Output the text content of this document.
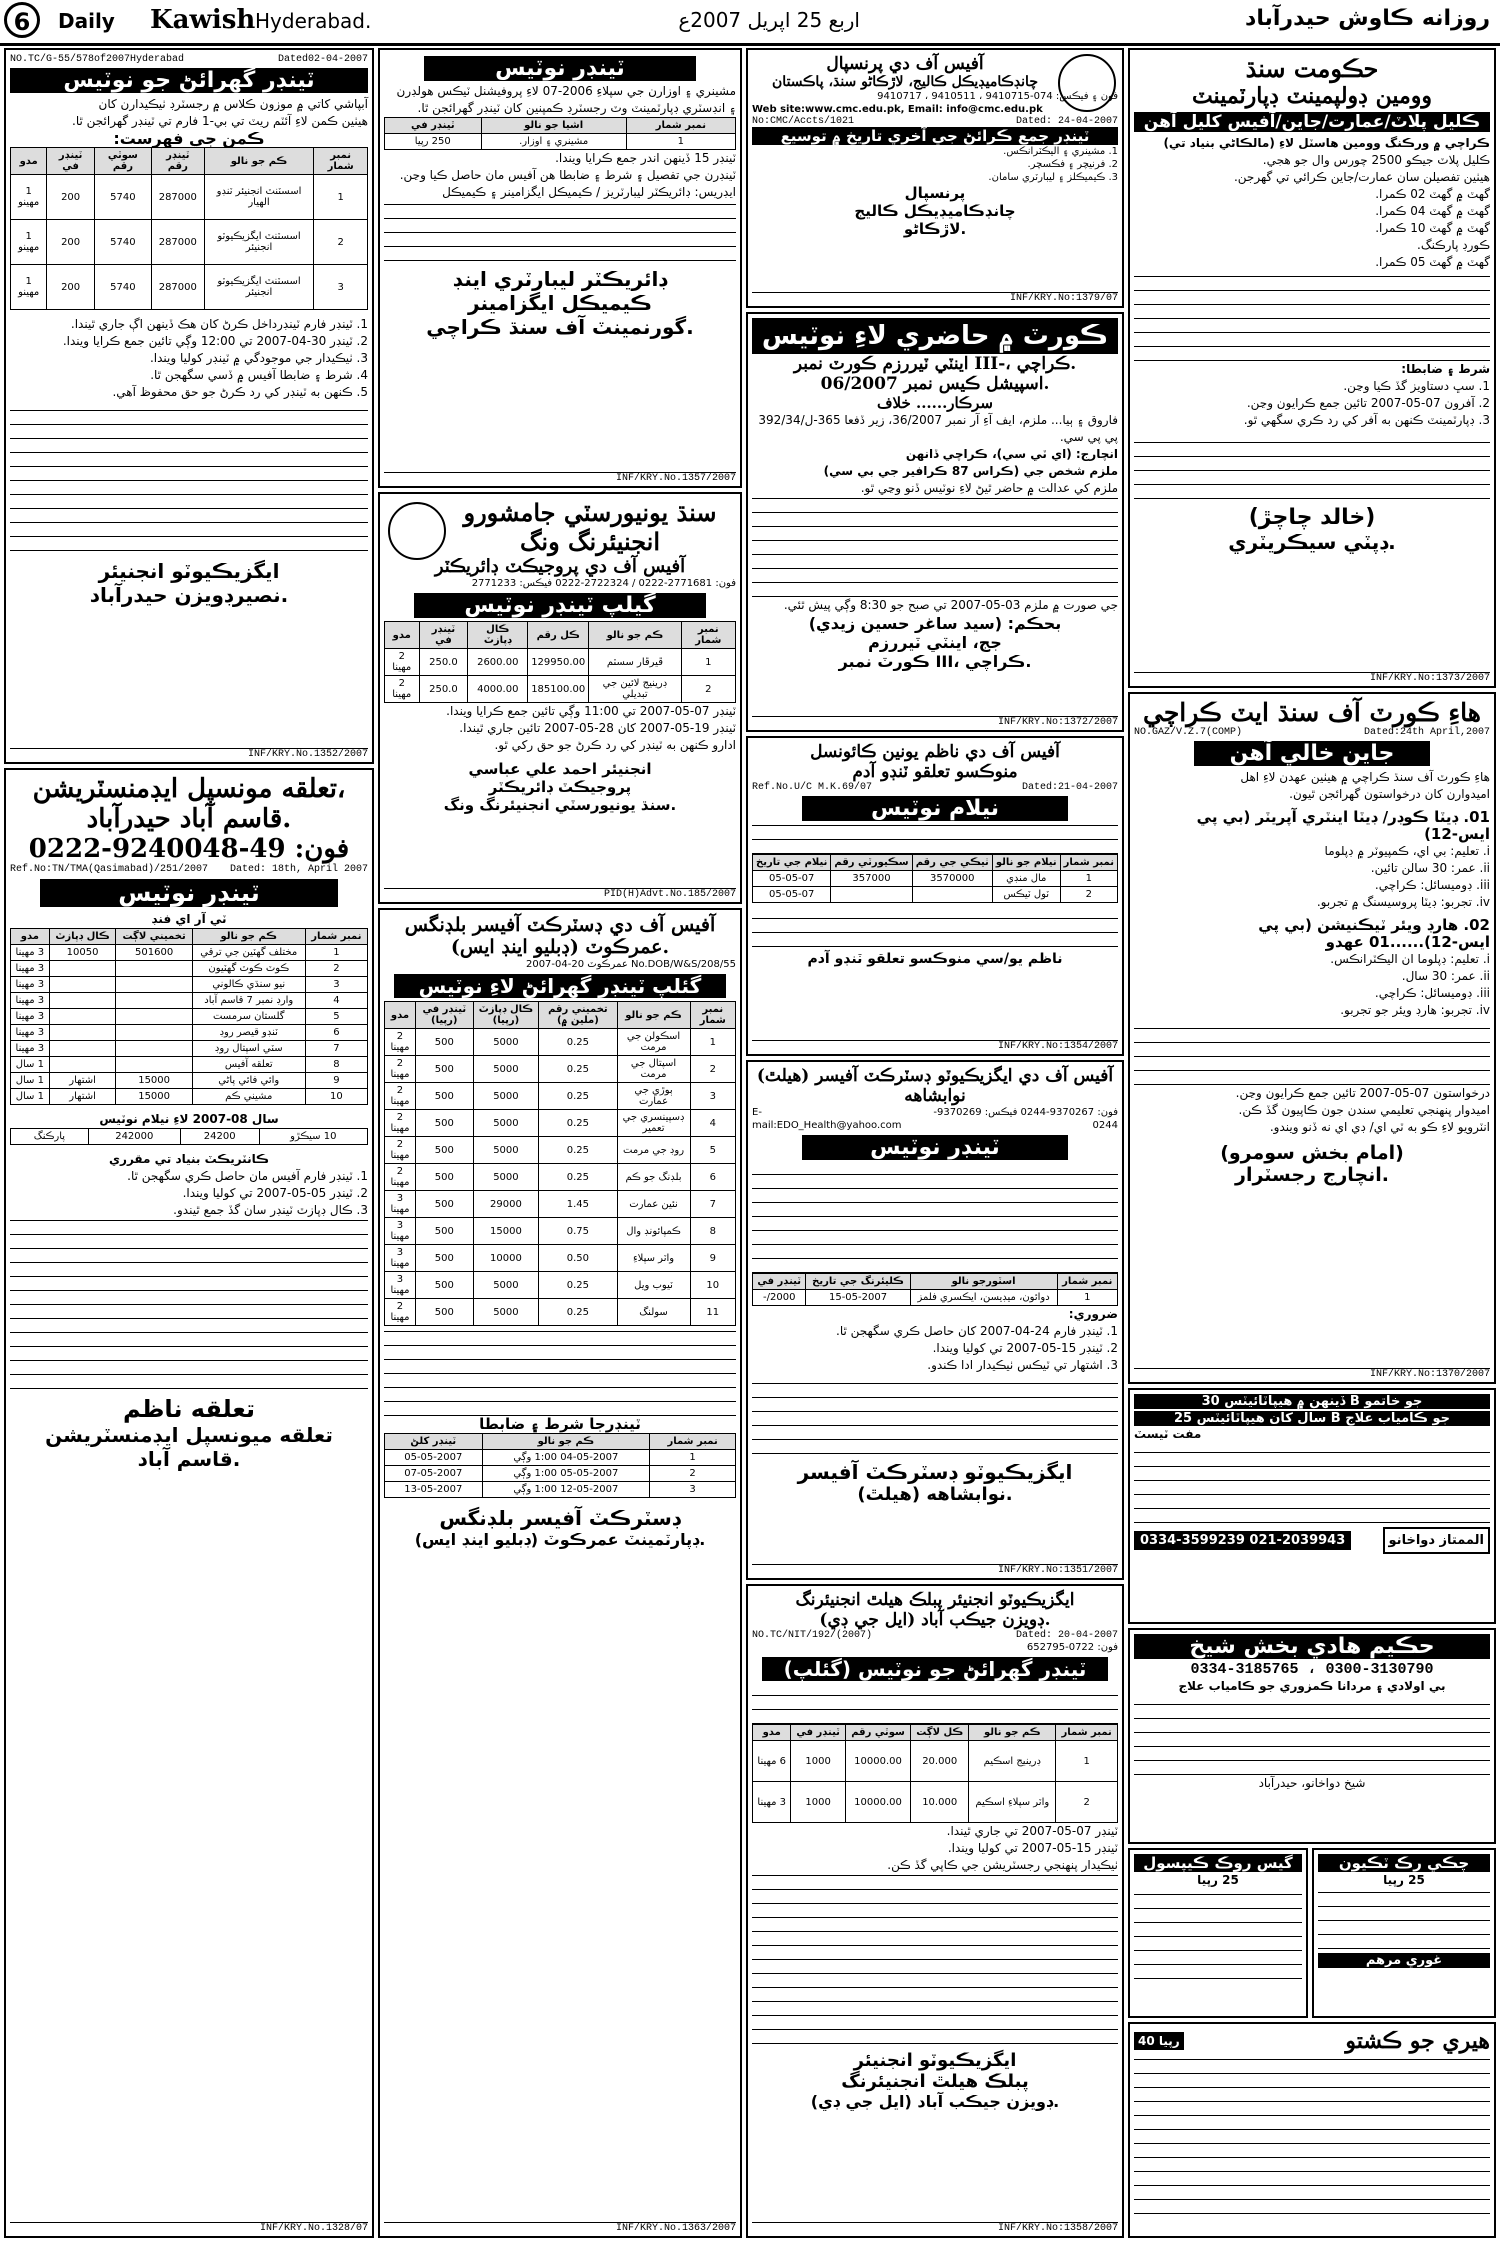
6	Daily Kawish Hyderabad.	اربع 25 اپريل 2007ع	روزانه ڪاوش حيدرآباد
NO.TC/G-55/578of2007Hyderabad	Dated02-04-2007
ٽينڊر گهرائڻ جو نوٽيس
آبپاشي کاتي ۾ موزون ڪلاس ۾ رجسٽرڊ ٺيڪيدارن کان
هيٺين ڪمن لاءِ آئٽم ريٽ تي بي-1 فارم تي ٽينڊر گهرائجن ٿا.
ڪمن جي فهرست:
نمبر شمار	ڪم جو نالو	ٽينڊر رقم	سوٽي رقم	ٽينڊر في	مدو
1	اسسٽنٽ انجنيئر ٽنڊو الهيار	287000	5740	200	1 مهينو
2	اسسٽنٽ ايگزيڪيوٽو انجنيئر	287000	5740	200	1 مهينو
3	اسسٽنٽ ايگزيڪيوٽو انجنيئر	287000	5740	200	1 مهينو
1. ٽينڊر فارم ٽينڊرداخل ڪرڻ کان هڪ ڏينهن اڳ جاري ٿيندا.
2. ٽينڊر 30-04-2007 تي 12:00 وڳي تائين جمع ڪرايا ويندا.
3. ٺيڪيدار جي موجودگي ۾ ٽينڊر کوليا ويندا.
4. شرط ۽ ضابطا آفيس ۾ ڏسي سگهجن ٿا.
5. ڪنهن به ٽينڊر کي رد ڪرڻ جو حق محفوظ آهي.
ايگزيڪيوٽو انجنيئر
نصيرڊويزن حيدرآباد.
INF/KRY.No.1352/2007
تعلقه مونسپل ايڊمنسٽريشن،
قاسم آباد حيدرآباد.
فون: 49-9240048-0222
Ref.No:TN/TMA(Qasimabad)/251/2007 Dated: 18th, April 2007
ٽينڊر نوٽيس
ٽي آر اي فنڊ
نمبر شمار	ڪم جو نالو	تخميني لاڳت	ڪال ڊپازٽ	مدو
1	مختلف گهٽين جي ترقي	501600	10050	3 مهينا
2	ڪوٽ ڪوٽ گهٽيون			3 مهينا
3	نيو سنڌي ڪالوني			3 مهينا
4	وارڊ نمبر 7 قاسم آباد			3 مهينا
5	گلستان سرمست			3 مهينا
6	ٽنڊو قيصر روڊ			3 مهينا
7	سٽي اسپتال روڊ			3 مهينا
8	تعلقه آفيس			1 سال
9	وائي فائي پاڻي	15000	اشتهار	1 سال
10	مشيني ڪم	15000	اشتهار	1 سال
سال 08-2007 لاءِ نيلام نوٽيس
10 سيڪڙو	24200	242000	پارڪنگ
ڪانٽريڪٽ بنياد تي مقرري
1. ٽينڊر فارم آفيس مان حاصل ڪري سگهجن ٿا.
2. ٽينڊر 05-05-2007 تي کوليا ويندا.
3. ڪال ڊپازٽ ٽينڊر سان گڏ جمع ٿيندو.
تعلقه ناظم
تعلقه ميونسپل ايڊمنسٽريشن
قاسم آباد.
INF/KRY.No.1328/07
ٽينڊر نوٽيس
مشينري ۽ اوزارن جي سپلاءِ 2006-07 لاءِ پروفيشنل ٽيڪس هولڊرن
۽ انڊسٽري ڊپارٽمينٽ وٽ رجسٽرڊ ڪمپنين کان ٽينڊر گهرائجن ٿا.
نمبر شمار	اشيا جو نالو	ٽينڊر في
1	مشينري ۽ اوزار.	250 رپيا
ٽينڊر 15 ڏينهن اندر جمع ڪرايا ويندا.
ٽينڊرن جي تفصيل ۽ شرط ۽ ضابطا هن آفيس مان حاصل ڪيا وڃن.
ايڊريس: ڊائريڪٽر ليبارٽريز / ڪيميڪل ايگزامينر ۽ ڪيميڪل
ڊائريڪٽر ليبارٽري اينڊ
ڪيميڪل ايگزامينر
گورنمينٽ آف سنڌ ڪراچي.
INF/KRY.No.1357/2007
سنڌ يونيورسٽي جامشورو
انجنيئرنگ ونگ
آفيس آف دي پروجيڪٽ ڊائريڪٽر
فون: 2771681-0222 / 2722324-0222 فيڪس: 2771233
گيلپ ٽينڊر نوٽيس
نمبر شمار	ڪم جو نالو	ڪل رقم	ڪال ڊپازٽ	ٽينڊر في	مدو
1	ڦيرڦار سسٽم	129950.00	2600.00	250.0	2 مهينا
2	ڊرينيج لائين جي تبديلي	185100.00	4000.00	250.0	2 مهينا
ٽينڊر 07-05-2007 تي 11:00 وڳي تائين جمع ڪرايا ويندا.
ٽينڊر 19-05-2007 کان 28-05-2007 تائين جاري ٿيندا.
ادارو ڪنهن به ٽينڊر کي رد ڪرڻ جو حق رکي ٿو.
انجنيئر احمد علي عباسي
پروجيڪٽ ڊائريڪٽر
سنڌ يونيورسٽي انجنيئرنگ ونگ.
PID(H)Advt.No.185/2007
آفيس آف دي ڊسٽرڪٽ آفيسر بلڊنگس
(ڊبليو اينڊ ايس) عمرڪوٽ.
No.DOB/W&S/208/55 عمرڪوٽ 20-04-2007
گئلپ ٽينڊر گهرائڻ لاءِ نوٽيس
نمبر شمار	ڪم جو نالو	تخميني رقم (ملين ۾)	ڪال ڊپازٽ (رپيا)	ٽينڊر في (رپيا)	مدو
1	اسڪولن جي مرمت	0.25	5000	500	2 مهينا
2	اسپتال جي مرمت	0.25	5000	500	2 مهينا
3	ٻوڙي جي عمارت	0.25	5000	500	2 مهينا
4	ڊسپينسري جي تعمير	0.25	5000	500	2 مهينا
5	روڊ جي مرمت	0.25	5000	500	2 مهينا
6	بلڊنگ جو ڪم	0.25	5000	500	2 مهينا
7	نئين عمارت	1.45	29000	500	3 مهينا
8	ڪمپائونڊ وال	0.75	15000	500	3 مهينا
9	واٽر سپلاءِ	0.50	10000	500	3 مهينا
10	ٽيوب ويل	0.25	5000	500	3 مهينا
11	سولنگ	0.25	5000	500	2 مهينا
ٽينڊرجا شرط ۽ ضابطا
نمبر شمار	ڪم جو نالو	ٽينڊر کلڻ
1	04-05-2007 1:00 وڳي	05-05-2007
2	05-05-2007 1:00 وڳي	07-05-2007
3	12-05-2007 1:00 وڳي	13-05-2007
ڊسٽرڪٽ آفيسر بلڊنگس
(ڊبليو اينڊ ايس) ڊپارٽمينٽ عمرڪوٽ.
INF/KRY.No.1363/2007
آفيس آف دي پرنسپال
چانڊڪاميڊيڪل ڪاليج، لاڙڪاڻو سنڌ، پاڪستان
فون ۽ فيڪس: 074-9410715 ، 9410511 ، 9410717
Web site:www.cmc.edu.pk, Email: info@cmc.edu.pk
No:CMC/Accts/1021	Dated: 24-04-2007
ٽينڊر جمع ڪرائڻ جي آخري تاريخ ۾ توسيع
1. مشينري ۽ اليڪٽرانڪس.
2. فرنيچر ۽ فڪسچر.
3. ڪيميڪلز ۽ ليبارٽري سامان.
پرنسپال
چانڊڪاميڊيڪل ڪاليج
لاڙڪاڻو.
INF/KRY.No:1379/07
ڪورٽ ۾ حاضري لاءِ نوٽيس
اينٽي ٽيررزم ڪورٽ نمبر III-، ڪراچي.
اسپيشل ڪيس نمبر 06/2007.
سرڪار...... خلاف
فاروق ۽ ٻيا... ملزم، ايف آءِ آر نمبر 36/2007، زير ڏفعا 365-ل/392/34 پي پي سي.
انچارج: (اي ٽي سي)، ڪراچي ڏانهن
ملزم شخص جي (ڪراس 87 ڪرافير جي بي سي)
ملزم کي عدالت ۾ حاضر ٿيڻ لاءِ نوٽيس ڏنو وڃي ٿو.
جي صورت ۾ ملزم 03-05-2007 تي صبح جو 8:30 وڳي پيش ٿئي.
بحڪم: (سيد ساغر حسين زيدي)
جج، اينٽي ٽيررزم
ڪورٽ نمبر III، ڪراچي.
INF/KRY.No:1372/2007
آفيس آف دي ناظم يونين ڪائونسل
منوڪسو تعلقو ٽنڊو آدم
Ref.No.U/C M.K.69/07	Dated:21-04-2007
نيلام نوٽيس
نمبر شمار	نيلام جو نالو	ٺيڪي جي رقم	سڪيورٽي رقم	نيلام جي تاريخ
1	مال منڊي	3570000	357000	05-05-07
2	ٽول ٽيڪس			05-05-07
ناظم يو/سي منوڪسو تعلقو ٽنڊو آدم
INF/KRY.No:1354/2007
آفيس آف دي ايگزيڪيوٽو ڊسٽرڪٽ آفيسر (هيلٿ) نوابشاهه
E-mail:EDO_Health@yahoo.com
فون: 9370267-0244 فيڪس: 9370269-0244
ٽينڊر نوٽيس
نمبر شمار	اسٽورجو نالو	ڪليئرنگ جي تاريخ	ٽينڊر في
1	دوائون، ميڊيسن، ايڪسري فلمز	15-05-2007	2000/-
ضروري:
1. ٽينڊر فارم 24-04-2007 کان حاصل ڪري سگهجن ٿا.
2. ٽينڊر 15-05-2007 تي کوليا ويندا.
3. اشتهار تي ٽيڪس ٺيڪيدار ادا ڪندو.
ايگزيڪيوٽو ڊسٽرڪٽ آفيسر
(هيلٿ) نوابشاهه.
INF/KRY.No:1351/2007
ايگزيڪيوٽو انجنيئر پبلڪ هيلٿ انجنيئرنگ
(ايل جي ڊي) ڊويزن جيڪب آباد.
NO.TC/NIT/192/(2007)	Dated: 20-04-2007
فون: 0722-652795
(گئلپ) ٽينڊر گهرائڻ جو نوٽيس
نمبر شمار	ڪم جو نالو	ڪل لاڳت	سوٽي رقم	ٽينڊر في	مدو
1	ڊرينيج اسڪيم	20.000	10000.00	1000	6 مهينا
2	واٽر سپلاءِ اسڪيم	10.000	10000.00	1000	3 مهينا
ٽينڊر 07-05-2007 تي جاري ٿيندا.
ٽينڊر 15-05-2007 تي کوليا ويندا.
ٺيڪيدار پنهنجي رجسٽريشن جي ڪاپي گڏ ڪن.
ايگزيڪيوٽو انجنيئر
پبلڪ هيلٿ انجنيئرنگ
(ايل جي ڊي) ڊويزن جيڪب آباد.
INF/KRY.No:1358/2007
حڪومت سنڌ
وومين ڊولپمينٽ ڊپارٽمينٽ
ڪليل پلاٽ/عمارت/جاين/آفيس کليل آهن
ڪراچي ۾ ورڪنگ وومين هاسٽل لاءِ (مالڪاڻي بنياد تي)
ڪليل پلاٽ جيڪو 2500 چورس وال جو هجي.
هيٺين تفصيلن سان عمارت/جاين ڪرائي تي گهرجن.
گهٽ ۾ گهٽ 02 ڪمرا.
گهٽ ۾ گهٽ 04 ڪمرا.
گهٽ ۾ گهٽ 10 ڪمرا.
ڪورڊ پارڪنگ.
گهٽ ۾ گهٽ 05 ڪمرا.
شرط ۽ ضابطا:
1. سڀ دستاويز گڏ ڪيا وڃن.
2. آفرون 07-05-2007 تائين جمع ڪرايون وڃن.
3. ڊپارٽمينٽ ڪنهن به آفر کي رد ڪري سگهي ٿو.
(خالد چاچڙ)
ڊپٽي سيڪريٽري.
INF/KRY.No:1373/2007
هاءِ ڪورٽ آف سنڌ ايٽ ڪراچي
NO.GAZ/V.Z.7(COMP)	Dated:24th April,2007
جاين خالي آهن
هاءِ ڪورٽ آف سنڌ ڪراچي ۾ هيٺين عهدن لاءِ اهل
اميدوارن کان درخواستون گهرائجن ٿيون.
01. ڊيٽا ڪوڊر/ ڊيٽا اينٽري آپريٽر (بي پي ايس-12)
i. تعليم: بي اي، ڪمپيوٽر ۾ ڊپلوما
ii. عمر: 30 سالن تائين.
iii. ڊوميسائل: ڪراچي.
iv. تجربو: ڊيٽا پروسيسنگ ۾ تجربو.
02. هارڊ ويئر ٽيڪنيشن (بي پي ايس-12)......01 عهدو
i. تعليم: ڊپلوما ان اليڪٽرانڪس.
ii. عمر: 30 سال.
iii. ڊوميسائل: ڪراچي.
iv. تجربو: هارڊ ويئر جو تجربو.
درخواستون 07-05-2007 تائين جمع ڪرايون وڃن.
اميدوار پنهنجي تعليمي سندن جون ڪاپيون گڏ ڪن.
انٽرويو لاءِ ڪو به ٽي اي/ ڊي اي نه ڏنو ويندو.
(امام بخش سومرو)
انچارج رجسٽرار.
INF/KRY.No:1370/2007
30 ڏينهن ۾ هيپاٽائيٽس B جو خاتمو
25 سال کان هيپاٽائيٽس B جو ڪامياب علاج
مفت ٽيسٽ
0334-3599239 021-2039943	الممتاز دواخانو
حڪيم هادي بخش شيخ
0334-3185765 ، 0300-3130790
بي اولادي ۽ مردانا ڪمزوري جو ڪامياب علاج
شيخ دواخانو، حيدرآباد
گيس روڪ ڪيپسول
25 رپيا
چڪي رڪ ٽڪيون
25 رپيا
غوري مرهم
40 رپيا	هيري جو ڪشتو
